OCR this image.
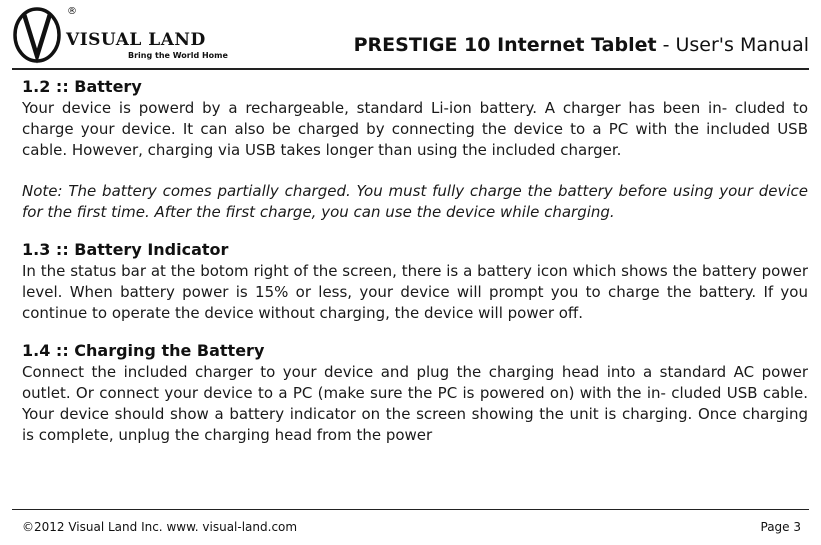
®
VISUAL LAND
Bring the World Home	PRESTIGE 10 Internet Tablet - User's Manual
1.2 :: Battery

Your device is powerd by a rechargeable, standard Li-ion battery. A charger has been in- cluded to charge your device. It can also be charged by connecting the device to a PC with the included USB cable. However, charging via USB takes longer than using the included charger.

Note: The battery comes partially charged. You must fully charge the battery before using your device for the first time. After the first charge, you can use the device while charging.

1.3 :: Battery Indicator

In the status bar at the botom right of the screen, there is a battery icon which shows the battery power level. When battery power is 15% or less, your device will prompt you to charge the battery. If you continue to operate the device without charging, the device will power off.

1.4 :: Charging the Battery

Connect the included charger to your device and plug the charging head into a standard AC power outlet. Or connect your device to a PC (make sure the PC is powered on) with the in- cluded USB cable. Your device should show a battery indicator on the screen showing the unit is charging. Once charging is complete, unplug the charging head from the power

©2012 Visual Land Inc. www. visual-land.com	Page 3
